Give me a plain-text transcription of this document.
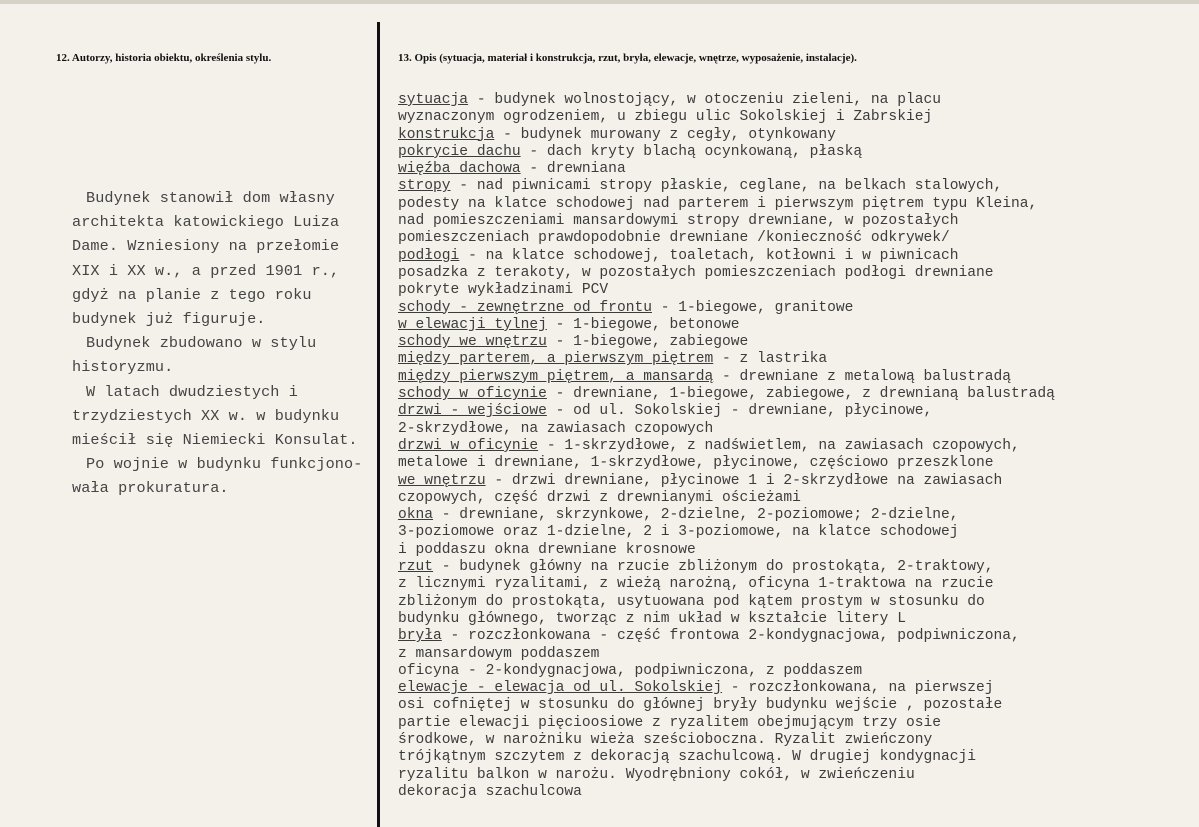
12. Autorzy, historia obiektu, określenia stylu.	13. Opis (sytuacja, materiał i konstrukcja, rzut, bryła, elewacje, wnętrze, wyposażenie, instalacje).

Budynek stanowił dom własny
architekta katowickiego Luiza
Dame. Wzniesiony na przełomie
XIX i XX w., a przed 1901 r.,
gdyż na planie z tego roku
budynek już figuruje.

Budynek zbudowano w stylu
historyzmu.

W latach dwudziestych i
trzydziestych XX w. w budynku
mieścił się Niemiecki Konsulat.

Po wojnie w budynku funkcjono-
wała prokuratura.

sytuacja - budynek wolnostojący, w otoczeniu zieleni, na placu
wyznaczonym ogrodzeniem, u zbiegu ulic Sokolskiej i Zabrskiej
konstrukcja - budynek murowany z cegły, otynkowany
pokrycie dachu - dach kryty blachą ocynkowaną, płaską
więźba dachowa - drewniana
stropy - nad piwnicami stropy płaskie, ceglane, na belkach stalowych,
podesty na klatce schodowej nad parterem i pierwszym piętrem typu Kleina,
nad pomieszczeniami mansardowymi stropy drewniane, w pozostałych
pomieszczeniach prawdopodobnie drewniane /konieczność odkrywek/
podłogi - na klatce schodowej, toaletach, kotłowni i w piwnicach
posadzka z terakoty, w pozostałych pomieszczeniach podłogi drewniane
pokryte wykładzinami PCV
schody - zewnętrzne od frontu - 1-biegowe, granitowe
w elewacji tylnej - 1-biegowe, betonowe
schody we wnętrzu - 1-biegowe, zabiegowe
między parterem, a pierwszym piętrem - z lastrika
między pierwszym piętrem, a mansardą - drewniane z metalową balustradą
schody w oficynie - drewniane, 1-biegowe, zabiegowe, z drewnianą balustradą
drzwi - wejściowe - od ul. Sokolskiej - drewniane, płycinowe,
2-skrzydłowe, na zawiasach czopowych
drzwi w oficynie - 1-skrzydłowe, z nadświetlem, na zawiasach czopowych,
metalowe i drewniane, 1-skrzydłowe, płycinowe, częściowo przeszklone
we wnętrzu - drzwi drewniane, płycinowe 1 i 2-skrzydłowe na zawiasach
czopowych, część drzwi z drewnianymi ościeżami
okna - drewniane, skrzynkowe, 2-dzielne, 2-poziomowe; 2-dzielne,
3-poziomowe oraz 1-dzielne, 2 i 3-poziomowe, na klatce schodowej
i poddaszu okna drewniane krosnowe
rzut - budynek główny na rzucie zbliżonym do prostokąta, 2-traktowy,
z licznymi ryzalitami, z wieżą narożną, oficyna 1-traktowa na rzucie
zbliżonym do prostokąta, usytuowana pod kątem prostym w stosunku do
budynku głównego, tworząc z nim układ w kształcie litery L
bryła - rozczłonkowana - część frontowa 2-kondygnacjowa, podpiwniczona,
z mansardowym poddaszem
oficyna - 2-kondygnacjowa, podpiwniczona, z poddaszem
elewacje - elewacja od ul. Sokolskiej - rozczłonkowana, na pierwszej
osi cofniętej w stosunku do głównej bryły budynku wejście , pozostałe
partie elewacji pięcioosiowe z ryzalitem obejmującym trzy osie
środkowe, w narożniku wieża sześcioboczna. Ryzalit zwieńczony
trójkątnym szczytem z dekoracją szachulcową. W drugiej kondygnacji
ryzalitu balkon w narożu. Wyodrębniony cokół, w zwieńczeniu
dekoracja szachulcowa
